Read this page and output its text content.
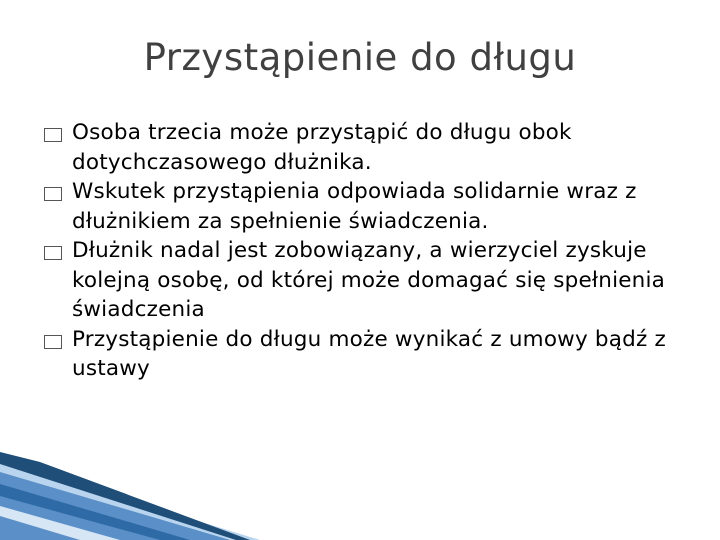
Przystąpienie do długu
Osoba trzecia może przystąpić do długu obok dotychczasowego dłużnika.
Wskutek przystąpienia odpowiada solidarnie wraz z dłużnikiem za spełnienie świadczenia.
Dłużnik nadal jest zobowiązany, a wierzyciel zyskuje kolejną osobę, od której może domagać się spełnienia świadczenia
Przystąpienie do długu może wynikać z umowy bądź z ustawy
